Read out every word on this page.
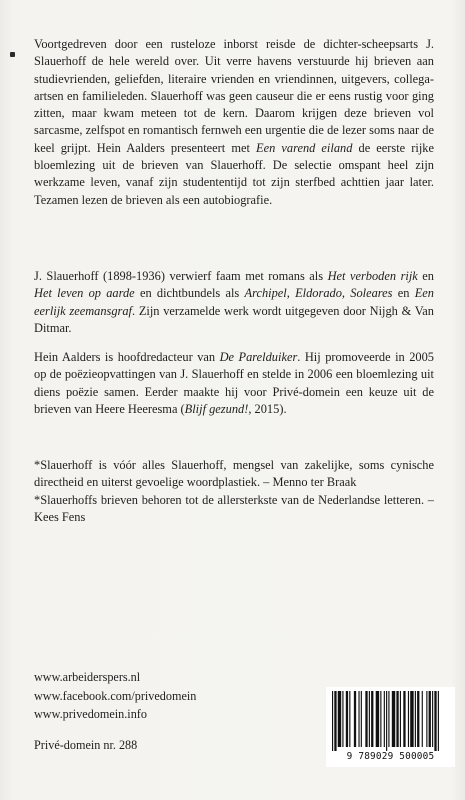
Voortgedreven door een rusteloze inborst reisde de dichter-scheepsarts J. Slauerhoff de hele wereld over. Uit verre havens verstuurde hij brieven aan studievrienden, geliefden, literaire vrienden en vriendinnen, uitgevers, collega-artsen en familieleden. Slauerhoff was geen causeur die er eens rustig voor ging zitten, maar kwam meteen tot de kern. Daarom krijgen deze brieven vol sarcasme, zelfspot en romantisch fernweh een urgentie die de lezer soms naar de keel grijpt. Hein Aalders presenteert met Een varend eiland de eerste rijke bloemlezing uit de brieven van Slauerhoff. De selectie omspant heel zijn werkzame leven, vanaf zijn studententijd tot zijn sterfbed achttien jaar later. Tezamen lezen de brieven als een autobiografie.

J. Slauerhoff (1898-1936) verwierf faam met romans als Het verboden rijk en Het leven op aarde en dichtbundels als Archipel, Eldorado, Soleares en Een eerlijk zeemansgraf. Zijn verzamelde werk wordt uitgegeven door Nijgh & Van Ditmar.

Hein Aalders is hoofdredacteur van De Parelduiker. Hij promoveerde in 2005 op de poëzieopvattingen van J. Slauerhoff en stelde in 2006 een bloemlezing uit diens poëzie samen. Eerder maakte hij voor Privé-domein een keuze uit de brieven van Heere Heeresma (Blijf gezund!, 2015).

*Slauerhoff is vóór alles Slauerhoff, mengsel van zakelijke, soms cynische directheid en uiterst gevoelige woordplastiek. – Menno ter Braak

*Slauerhoffs brieven behoren tot de allersterkste van de Nederlandse letteren. – Kees Fens

www.arbeiderspers.nl
www.facebook.com/privedomein
www.privedomein.info
Privé-domein nr. 288
9 789029 500005
